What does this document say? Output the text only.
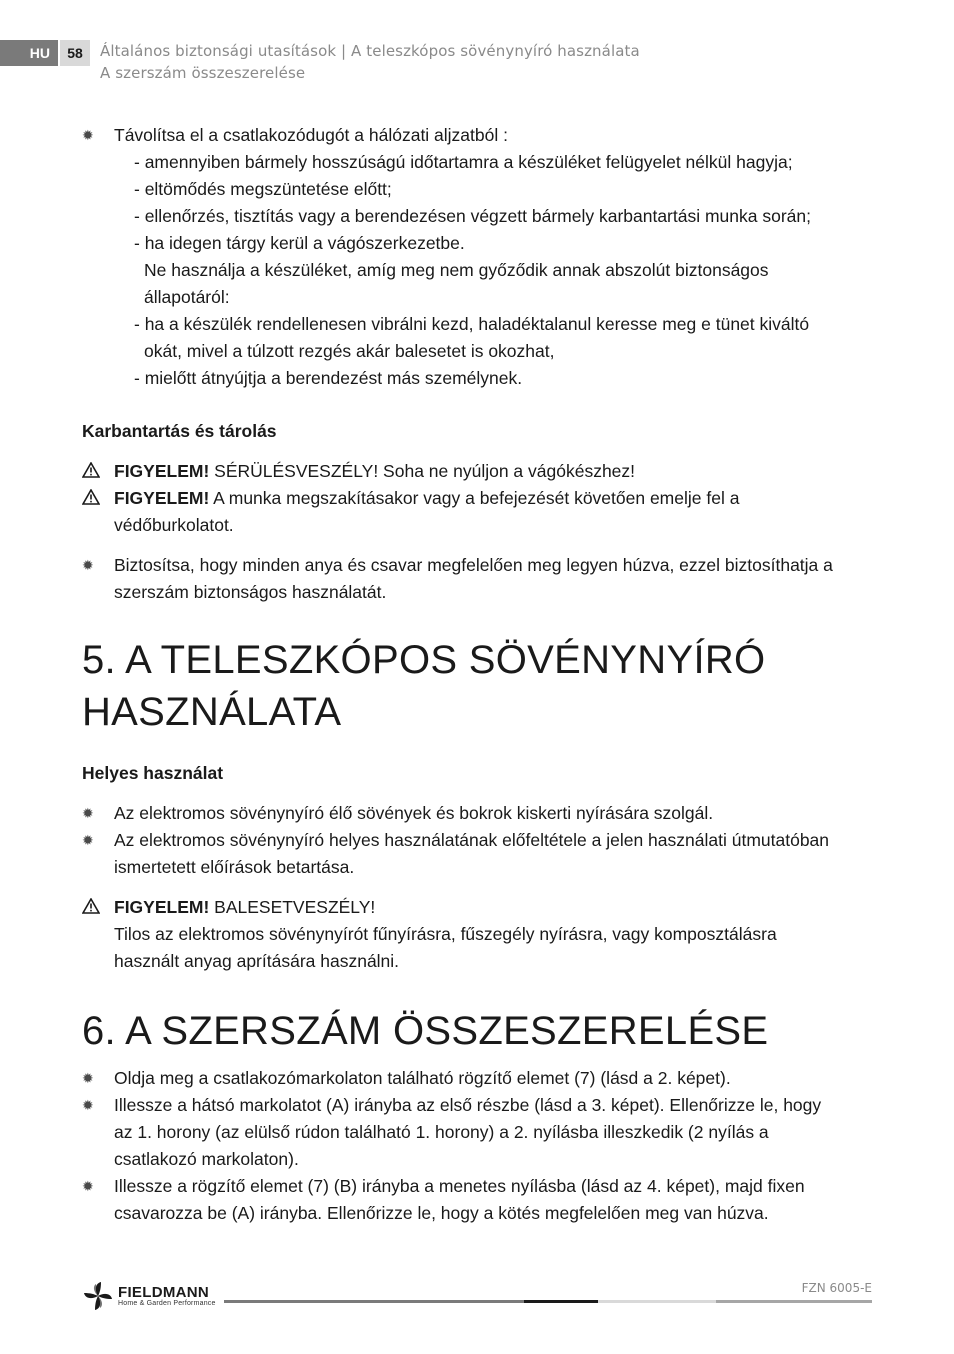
HU	58	Általános biztonsági utasítások | A teleszkópos sövénynyíró használata
A szerszám összeszerelése
✹ Távolítsa el a csatlakozódugót a hálózati aljzatból :
- amennyiben bármely hosszúságú időtartamra a készüléket felügyelet nélkül hagyja;
- eltömődés megszüntetése előtt;
- ellenőrzés, tisztítás vagy a berendezésen végzett bármely karbantartási munka során;
- ha idegen tárgy kerül a vágószerkezetbe.
Ne használja a készüléket, amíg meg nem győződik annak abszolút biztonságos
állapotáról:
- ha a készülék rendellenesen vibrálni kezd, haladéktalanul keresse meg e tünet kiváltó
okát, mivel a túlzott rezgés akár balesetet is okozhat,
- mielőtt átnyújtja a berendezést más személynek.
Karbantartás és tárolás
FIGYELEM! SÉRÜLÉSVESZÉLY! Soha ne nyúljon a vágókészhez!
FIGYELEM! A munka megszakításakor vagy a befejezését követően emelje fel a
védőburkolatot.
✹ Biztosítsa, hogy minden anya és csavar megfelelően meg legyen húzva, ezzel biztosíthatja a
szerszám biztonságos használatát.
5. A TELESZKÓPOS SÖVÉNYNYÍRÓ
HASZNÁLATA
Helyes használat
✹ Az elektromos sövénynyíró élő sövények és bokrok kiskerti nyírására szolgál.
✹ Az elektromos sövénynyíró helyes használatának előfeltétele a jelen használati útmutatóban
ismertetett előírások betartása.
FIGYELEM! BALESETVESZÉLY!
Tilos az elektromos sövénynyírót fűnyírásra, fűszegély nyírásra, vagy komposztálásra
használt anyag aprítására használni.
6. A SZERSZÁM ÖSSZESZERELÉSE
✹ Oldja meg a csatlakozómarkolaton található rögzítő elemet (7) (lásd a 2. képet).
✹ Illessze a hátsó markolatot (A) irányba az első részbe (lásd a 3. képet). Ellenőrizze le, hogy
az 1. horony (az elülső rúdon található 1. horony) a 2. nyílásba illeszkedik (2 nyílás a
csatlakozó markolaton).
✹ Illessze a rögzítő elemet (7) (B) irányba a menetes nyílásba (lásd az 4. képet), majd fixen
csavarozza be (A) irányba. Ellenőrizze le, hogy a kötés megfelelően meg van húzva.
FIELDMANN
Home & Garden Performance
FZN 6005-E
